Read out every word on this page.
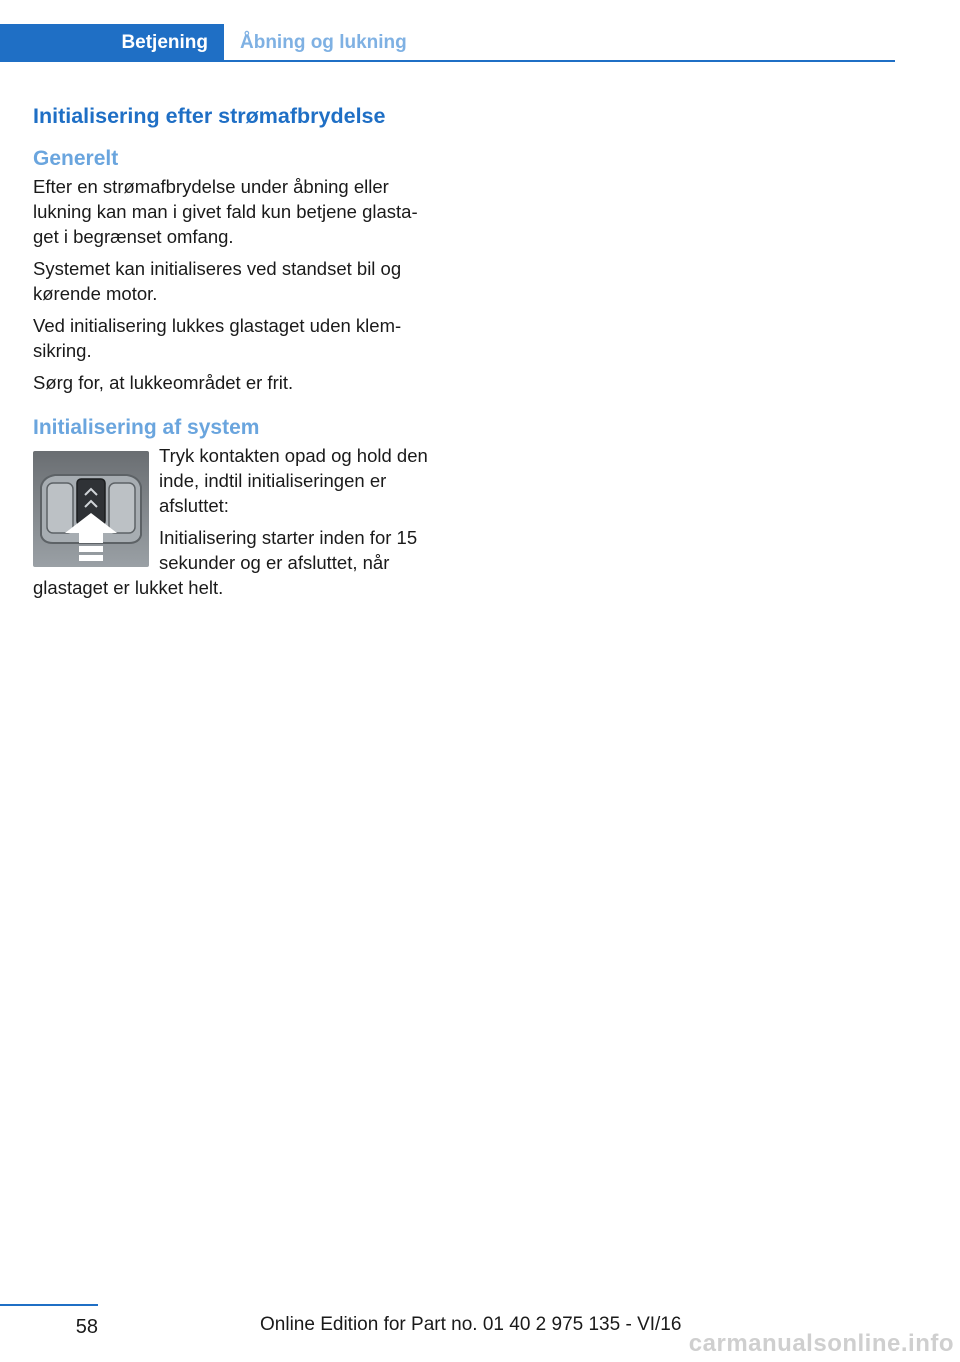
Betjening	Åbning og lukning
Initialisering efter strømafbrydelse
Generelt

Efter en strømafbrydelse under åbning eller lukning kan man i givet fald kun betjene glasta‐ get i begrænset omfang.

Systemet kan initialiseres ved standset bil og kørende motor.

Ved initialisering lukkes glastaget uden klem‐ sikring.

Sørg for, at lukkeområdet er frit.

Initialisering af system

Tryk kontakten opad og hold den inde, indtil initialiseringen er afsluttet:

Initialisering starter inden for 15 sekunder og er afsluttet, når glastaget er lukket helt.

58	Online Edition for Part no. 01 40 2 975 135 - VI/16
carmanualsonline.info
